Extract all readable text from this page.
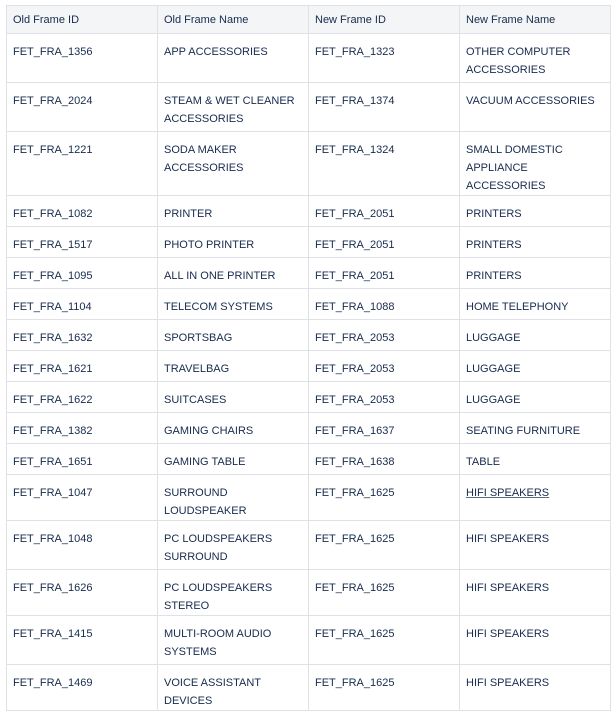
Old Frame ID	Old Frame Name	New Frame ID	New Frame Name
FET_FRA_1356	APP ACCESSORIES	FET_FRA_1323	OTHER COMPUTER ACCESSORIES
FET_FRA_2024	STEAM & WET CLEANER ACCESSORIES	FET_FRA_1374	VACUUM ACCESSORIES
FET_FRA_1221	SODA MAKER ACCESSORIES	FET_FRA_1324	SMALL DOMESTIC APPLIANCE ACCESSORIES
FET_FRA_1082	PRINTER	FET_FRA_2051	PRINTERS
FET_FRA_1517	PHOTO PRINTER	FET_FRA_2051	PRINTERS
FET_FRA_1095	ALL IN ONE PRINTER	FET_FRA_2051	PRINTERS
FET_FRA_1104	TELECOM SYSTEMS	FET_FRA_1088	HOME TELEPHONY
FET_FRA_1632	SPORTSBAG	FET_FRA_2053	LUGGAGE
FET_FRA_1621	TRAVELBAG	FET_FRA_2053	LUGGAGE
FET_FRA_1622	SUITCASES	FET_FRA_2053	LUGGAGE
FET_FRA_1382	GAMING CHAIRS	FET_FRA_1637	SEATING FURNITURE
FET_FRA_1651	GAMING TABLE	FET_FRA_1638	TABLE
FET_FRA_1047	SURROUND LOUDSPEAKER	FET_FRA_1625	HIFI SPEAKERS
FET_FRA_1048	PC LOUDSPEAKERS SURROUND	FET_FRA_1625	HIFI SPEAKERS
FET_FRA_1626	PC LOUDSPEAKERS STEREO	FET_FRA_1625	HIFI SPEAKERS
FET_FRA_1415	MULTI-ROOM AUDIO SYSTEMS	FET_FRA_1625	HIFI SPEAKERS
FET_FRA_1469	VOICE ASSISTANT DEVICES	FET_FRA_1625	HIFI SPEAKERS
